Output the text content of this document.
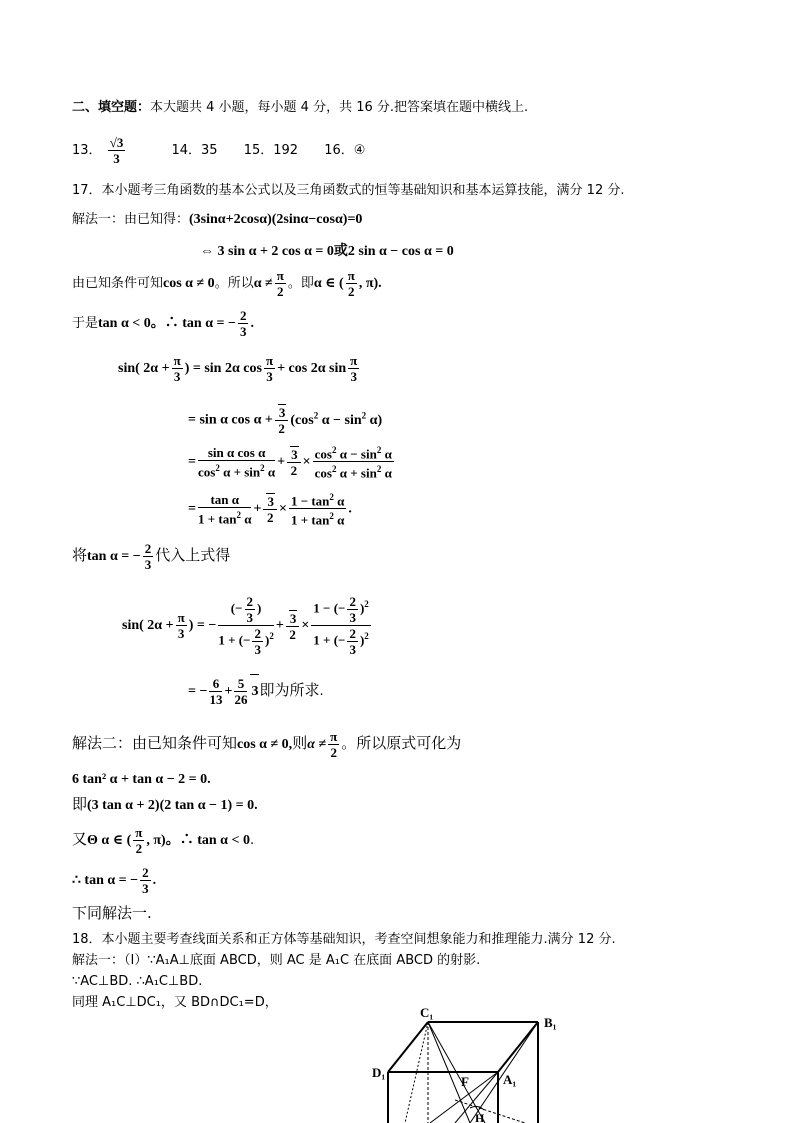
二、填空题：本大题共 4 小题，每小题 4 分，共 16 分.把答案填在题中横线上.
13． $\frac{√3}{3}$	14．35 15．192 16．④
17．本小题考三角函数的基本公式以及三角函数式的恒等基础知识和基本运算技能，满分 12 分.
解法一：由已知得：(3sinα+2cosα)(2sinα−cosα)=0
⇔ 3 sin α + 2 cos α = 0或2 sin α − cos α = 0
由已知条件可知cos α ≠ 0。所以$\alpha \ne \frac{\pi}{2}$ 。即α ∈ ( $\frac{\pi}{2}$ , π).
于是tan α < 0。∴ tan α = − $\frac{2}{3}$ .
sin( $2\alpha + \frac{\pi}{3}$ ) = sin 2α $\cos \frac{\pi}{3} + \cos 2\alpha$ $\sin \frac{\pi}{3}$
= sin α $\cos \alpha + \frac{3}{2} (\cos^2$ $\alpha - \sin^2 \alpha$)
= $\frac{\text{sin α cos α}}{\cos^2 \alpha + \sin^2 \alpha} + \frac{3}{2} \times \frac{\cos^2 \alpha - \sin^2 \alpha}{\cos^2 \alpha + \sin^2 \alpha}$
= $\frac{\text{tan α}}{1 + \tan^2 \alpha} + \frac{3}{2} \times \frac{1 - \tan^2 \alpha}{1 + \tan^2 \alpha}$ .
将tan α = − $\frac{2}{3}$ 代入上式得
sin( $2\alpha + \frac{\pi}{3}$ ) = − $\frac{(- \frac{2}{3} )}{1 + (- \frac{2}{3} )^2} + \frac{3}{2} \times \frac{1 - (- \frac{2}{3} )^2}{1 + (- \frac{2}{3} )^2}$
= − $\frac{6}{13} + \frac{5}{26} 3$即为所求.
解法二：由已知条件可知cos α ≠ 0,则$\alpha \ne \frac{\pi}{2}$ 。所以原式可化为
6 tan² α + tan α − 2 = 0.
即(3 tan α + 2)(2 tan α − 1) = 0.
又Θ α ∈ ( $\frac{\pi}{2}$ , π)。∴ tan α < 0.
∴ tan α = − $\frac{2}{3}$ .
下同解法一.
18．本小题主要考查线面关系和正方体等基础知识，考查空间想象能力和推理能力.满分 12 分.
解法一：（Ⅰ）∵A₁A⊥底面 ABCD，则 AC 是 A₁C 在底面 ABCD 的射影.
∵AC⊥BD. ∴A₁C⊥BD.
同理 A₁C⊥DC₁，又 BD∩DC₁=D，
C₁
B₁
D₁	A₁
F
H
